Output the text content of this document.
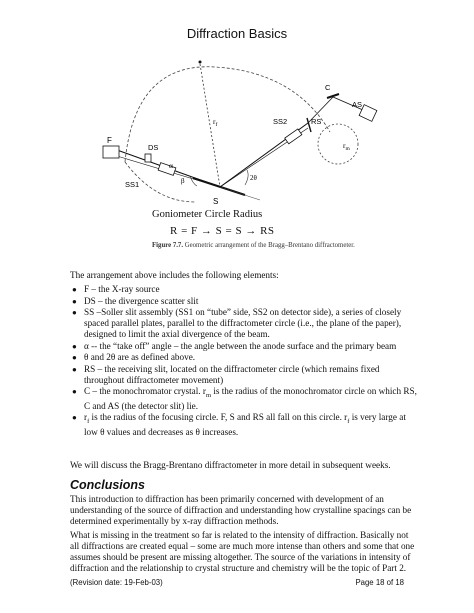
Diffraction Basics
F
DS
SS1
SS2
S
RS
C
AS
$r_f$
$r_m$
α
β	2θ
Goniometer Circle Radius
R = F → S = S → RS
Figure 7.7. Geometric arrangement of the Bragg–Brentano diffractometer.
The arrangement above includes the following elements:
● F – the X-ray source
● DS – the divergence scatter slit
● SS –Soller slit assembly (SS1 on “tube” side, SS2 on detector side), a series of closely spaced parallel plates, parallel to the diffractometer circle (i.e., the plane of the paper), designed to limit the axial divergence of the beam.
● α -- the “take off” angle – the angle between the anode surface and the primary beam
● θ and 2θ are as defined above.
● RS – the receiving slit, located on the diffractometer circle (which remains fixed throughout diffractometer movement)
● C – the monochromator crystal. $r_m$ is the radius of the monochromator circle on which RS, C and AS (the detector slit) lie.
● $r_f$ is the radius of the focusing circle. F, S and RS all fall on this circle. $r_f$ is very large at low θ values and decreases as θ increases.
We will discuss the Bragg-Brentano diffractometer in more detail in subsequent weeks.
Conclusions
This introduction to diffraction has been primarily concerned with development of an understanding of the source of diffraction and understanding how crystalline spacings can be determined experimentally by x-ray diffraction methods.
What is missing in the treatment so far is related to the intensity of diffraction. Basically not all diffractions are created equal – some are much more intense than others and some that one assumes should be present are missing altogether. The source of the variations in intensity of diffraction and the relationship to crystal structure and chemistry will be the topic of Part 2.
(Revision date: 19-Feb-03)	Page 18 of 18
